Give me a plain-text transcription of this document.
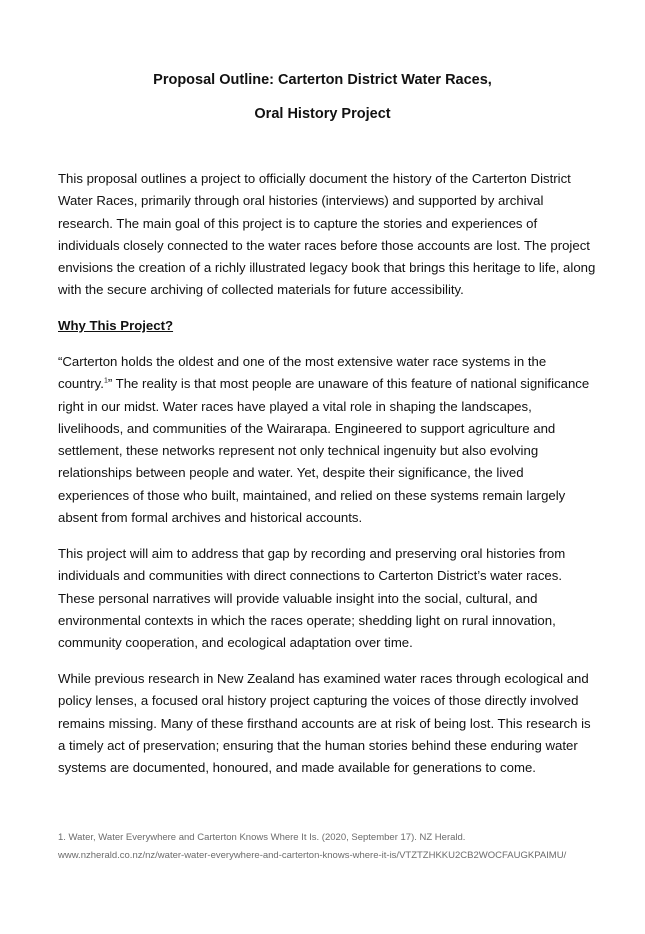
Proposal Outline: Carterton District Water Races,

Oral History Project

This proposal outlines a project to officially document the history of the Carterton District Water Races, primarily through oral histories (interviews) and supported by archival research. The main goal of this project is to capture the stories and experiences of individuals closely connected to the water races before those accounts are lost. The project envisions the creation of a richly illustrated legacy book that brings this heritage to life, along with the secure archiving of collected materials for future accessibility.

Why This Project?

“Carterton holds the oldest and one of the most extensive water race systems in the country.$^1$” The reality is that most people are unaware of this feature of national significance right in our midst. Water races have played a vital role in shaping the landscapes, livelihoods, and communities of the Wairarapa. Engineered to support agriculture and settlement, these networks represent not only technical ingenuity but also evolving relationships between people and water. Yet, despite their significance, the lived experiences of those who built, maintained, and relied on these systems remain largely absent from formal archives and historical accounts.

This project will aim to address that gap by recording and preserving oral histories from individuals and communities with direct connections to Carterton District’s water races. These personal narratives will provide valuable insight into the social, cultural, and environmental contexts in which the races operate; shedding light on rural innovation, community cooperation, and ecological adaptation over time.

While previous research in New Zealand has examined water races through ecological and policy lenses, a focused oral history project capturing the voices of those directly involved remains missing. Many of these firsthand accounts are at risk of being lost. This research is a timely act of preservation; ensuring that the human stories behind these enduring water systems are documented, honoured, and made available for generations to come.

1. Water, Water Everywhere and Carterton Knows Where It Is. (2020, September 17). NZ Herald.
www.nzherald.co.nz/nz/water-water-everywhere-and-carterton-knows-where-it-is/VTZTZHKKU2CB2WOCFAUGKPAIMU/
